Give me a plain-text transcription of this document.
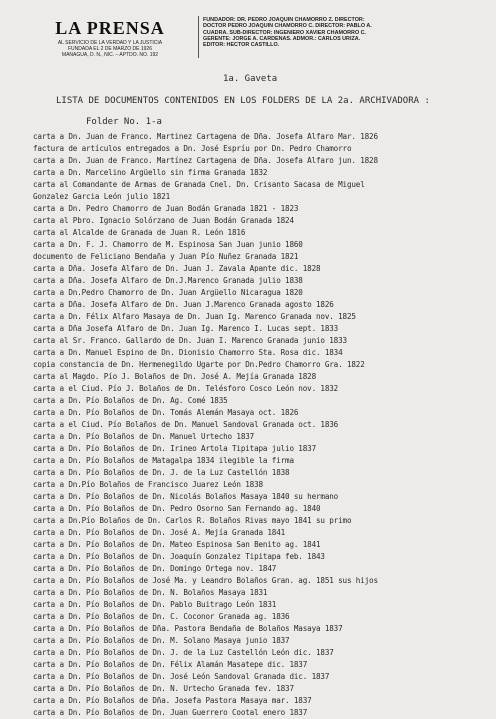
LA PRENSA
AL SERVICIO DE LA VERDAD Y LA JUSTICIA
FUNDADA EL 2 DE MARZO DE 1926
MANAGUA, D. N., NIC. – APTDO. NO. 192
FUNDADOR: DR. PEDRO JOAQUIN CHAMORRO Z. DIRECTOR:
DOCTOR PEDRO JOAQUIN CHAMORRO C. DIRECTOR: PABLO A.
CUADRA. SUB-DIRECTOR: INGENIERO XAVIER CHAMORRO C.
GERENTE: JORGE A. CARDENAS. ADMOR.: CARLOS URIZA.
EDITOR: HECTOR CASTILLO.
1a. Gaveta
LISTA DE DOCUMENTOS CONTENIDOS EN LOS FOLDERS DE LA 2a. ARCHIVADORA :
Folder No. 1-a
carta a Dn. Juan de Franco. Martinez Cartagena de Dña. Josefa Alfaro Mar. 1826
factura de artículos entregados a Dn. José Espríu por Dn. Pedro Chamorro
carta a Dn. Juan de Franco. Martínez Cartagena de Dña. Josefa Alfaro jun. 1828
carta a Dn. Marcelino Argüello sin firma Granada 1832
carta al Comandante de Armas de Granada Cnel. Dn. Crisanto Sacasa de Miguel
Gonzalez Garcia León julio 1821
carta a Dn. Pedro Chamorro de Juan Bodán Granada 1821 - 1823
carta al Pbro. Ignacio Solórzano de Juan Bodán Granada 1824
carta al Alcalde de Granada de Juan R. León 1816
carta a Dn. F. J. Chamorro de M. Espinosa San Juan junio 1860
documento de Feliciano Bendaña y Juan Pío Nuñez Granada 1821
carta a Dña. Josefa Alfaro de Dn. Juan J. Zavala Apante dic. 1828
carta a Dña. Josefa Alfaro de Dn.J.Marenco Granada julio 1838
carta a Dn.Pedro Chamorro de Dn. Juan Argüello Nicaragua 1820
carta a Dña. Josefa Alfaro de Dn. Juan J.Marenco Granada agosto 1826
carta a Dn. Félix Alfaro Masaya de Dn. Juan Ig. Marenco Granada nov. 1825
carta a Dña Josefa Alfaro de Dn. Juan Ig. Marenco I. Lucas sept. 1833
carta al Sr. Franco. Gallardo de Dn. Juan I. Marenco Granada junio 1833
carta a Dn. Manuel Espino de Dn. Dionisio Chamorro Sta. Rosa dic. 1834
copia constancia de Dn. Hermenegildo Ugarte por Dn.Pedro Chamorro Gra. 1822
carta al Magdo. Pío J. Bolaños de Dn. José A. Mejía Granada 1828
carta a el Ciud. Pío J. Bolaños de Dn. Telésforo Cosco León nov. 1832
carta a Dn. Pío Bolaños de Dn. Ag. Comé 1835
carta a Dn. Pío Bolaños de Dn. Tomás Alemán Masaya oct. 1826
carta a el Ciud. Pío Bolaños de Dn. Manuel Sandoval Granada oct. 1836
carta a Dn. Pío Bolaños de Dn. Manuel Urtecho 1837
carta a Dn. Pío Bolaños de Dn. Irineo Artola Tipitapa julio 1837
carta a Dn. Pío Bolaños de Matagalpa 1834 ilegible la firma
carta a Dn. Pío Bolaños de Dn. J. de la Luz Castellón 1838
carta a Dn.Pío Bolaños de Francisco Juarez León 1838
carta a Dn. Pío Bolaños de Dn. Nicolás Bolaños Masaya 1840 su hermano
carta a Dn. Pío Bolaños de Dn. Pedro Osorno San Fernando ag. 1840
carta a Dn.Pío Bolaños de Dn. Carlos R. Bolaños Rivas mayo 1841 su primo
carta a Dn. Pío Bolaños de Dn. José A. Mejía Granada 1841
carta a Dn. Pío Bolaños de Dn. Mateo Espinosa San Benito ag. 1841
carta a Dn. Pío Bolaños de Dn. Joaquín Gonzalez Tipitapa feb. 1843
carta a Dn. Pío Bolaños de Dn. Domingo Ortega nov. 1847
carta a Dn. Pío Bolaños de José Ma. y Leandro Bolaños Gran. ag. 1851 sus hijos
carta a Dn. Pío Bolaños de Dn. N. Bolaños Masaya 1831
carta a Dn. Pío Bolaños de Dn. Pablo Buitrago León 1831
carta a Dn. Pío Bolaños de Dn. C. Coconor Granada ag. 1836
carta a Dn. Pío Bolaños de Dña. Pastora Bendaña de Bolaños Masaya 1837
carta a Dn. Pío Bolaños de Dn. M. Solano Masaya junio 1837
carta a Dn. Pío Bolaños de Dn. J. de la Luz Castellón León dic. 1837
carta a Dn. Pío Bolaños de Dn. Félix Alamán Masatepe dic. 1837
carta a Dn. Pío Bolaños de Dn. José León Sandoval Granada dic. 1837
carta a Dn. Pío Bolaños de Dn. N. Urtecho Granada fev. 1837
carta a Dn. Pío Bolaños de Dña. Josefa Pastora Masaya mar. 1837
carta a Dn. Pío Bolaños de Dn. Juan Guerrero Cootal enero 1837
